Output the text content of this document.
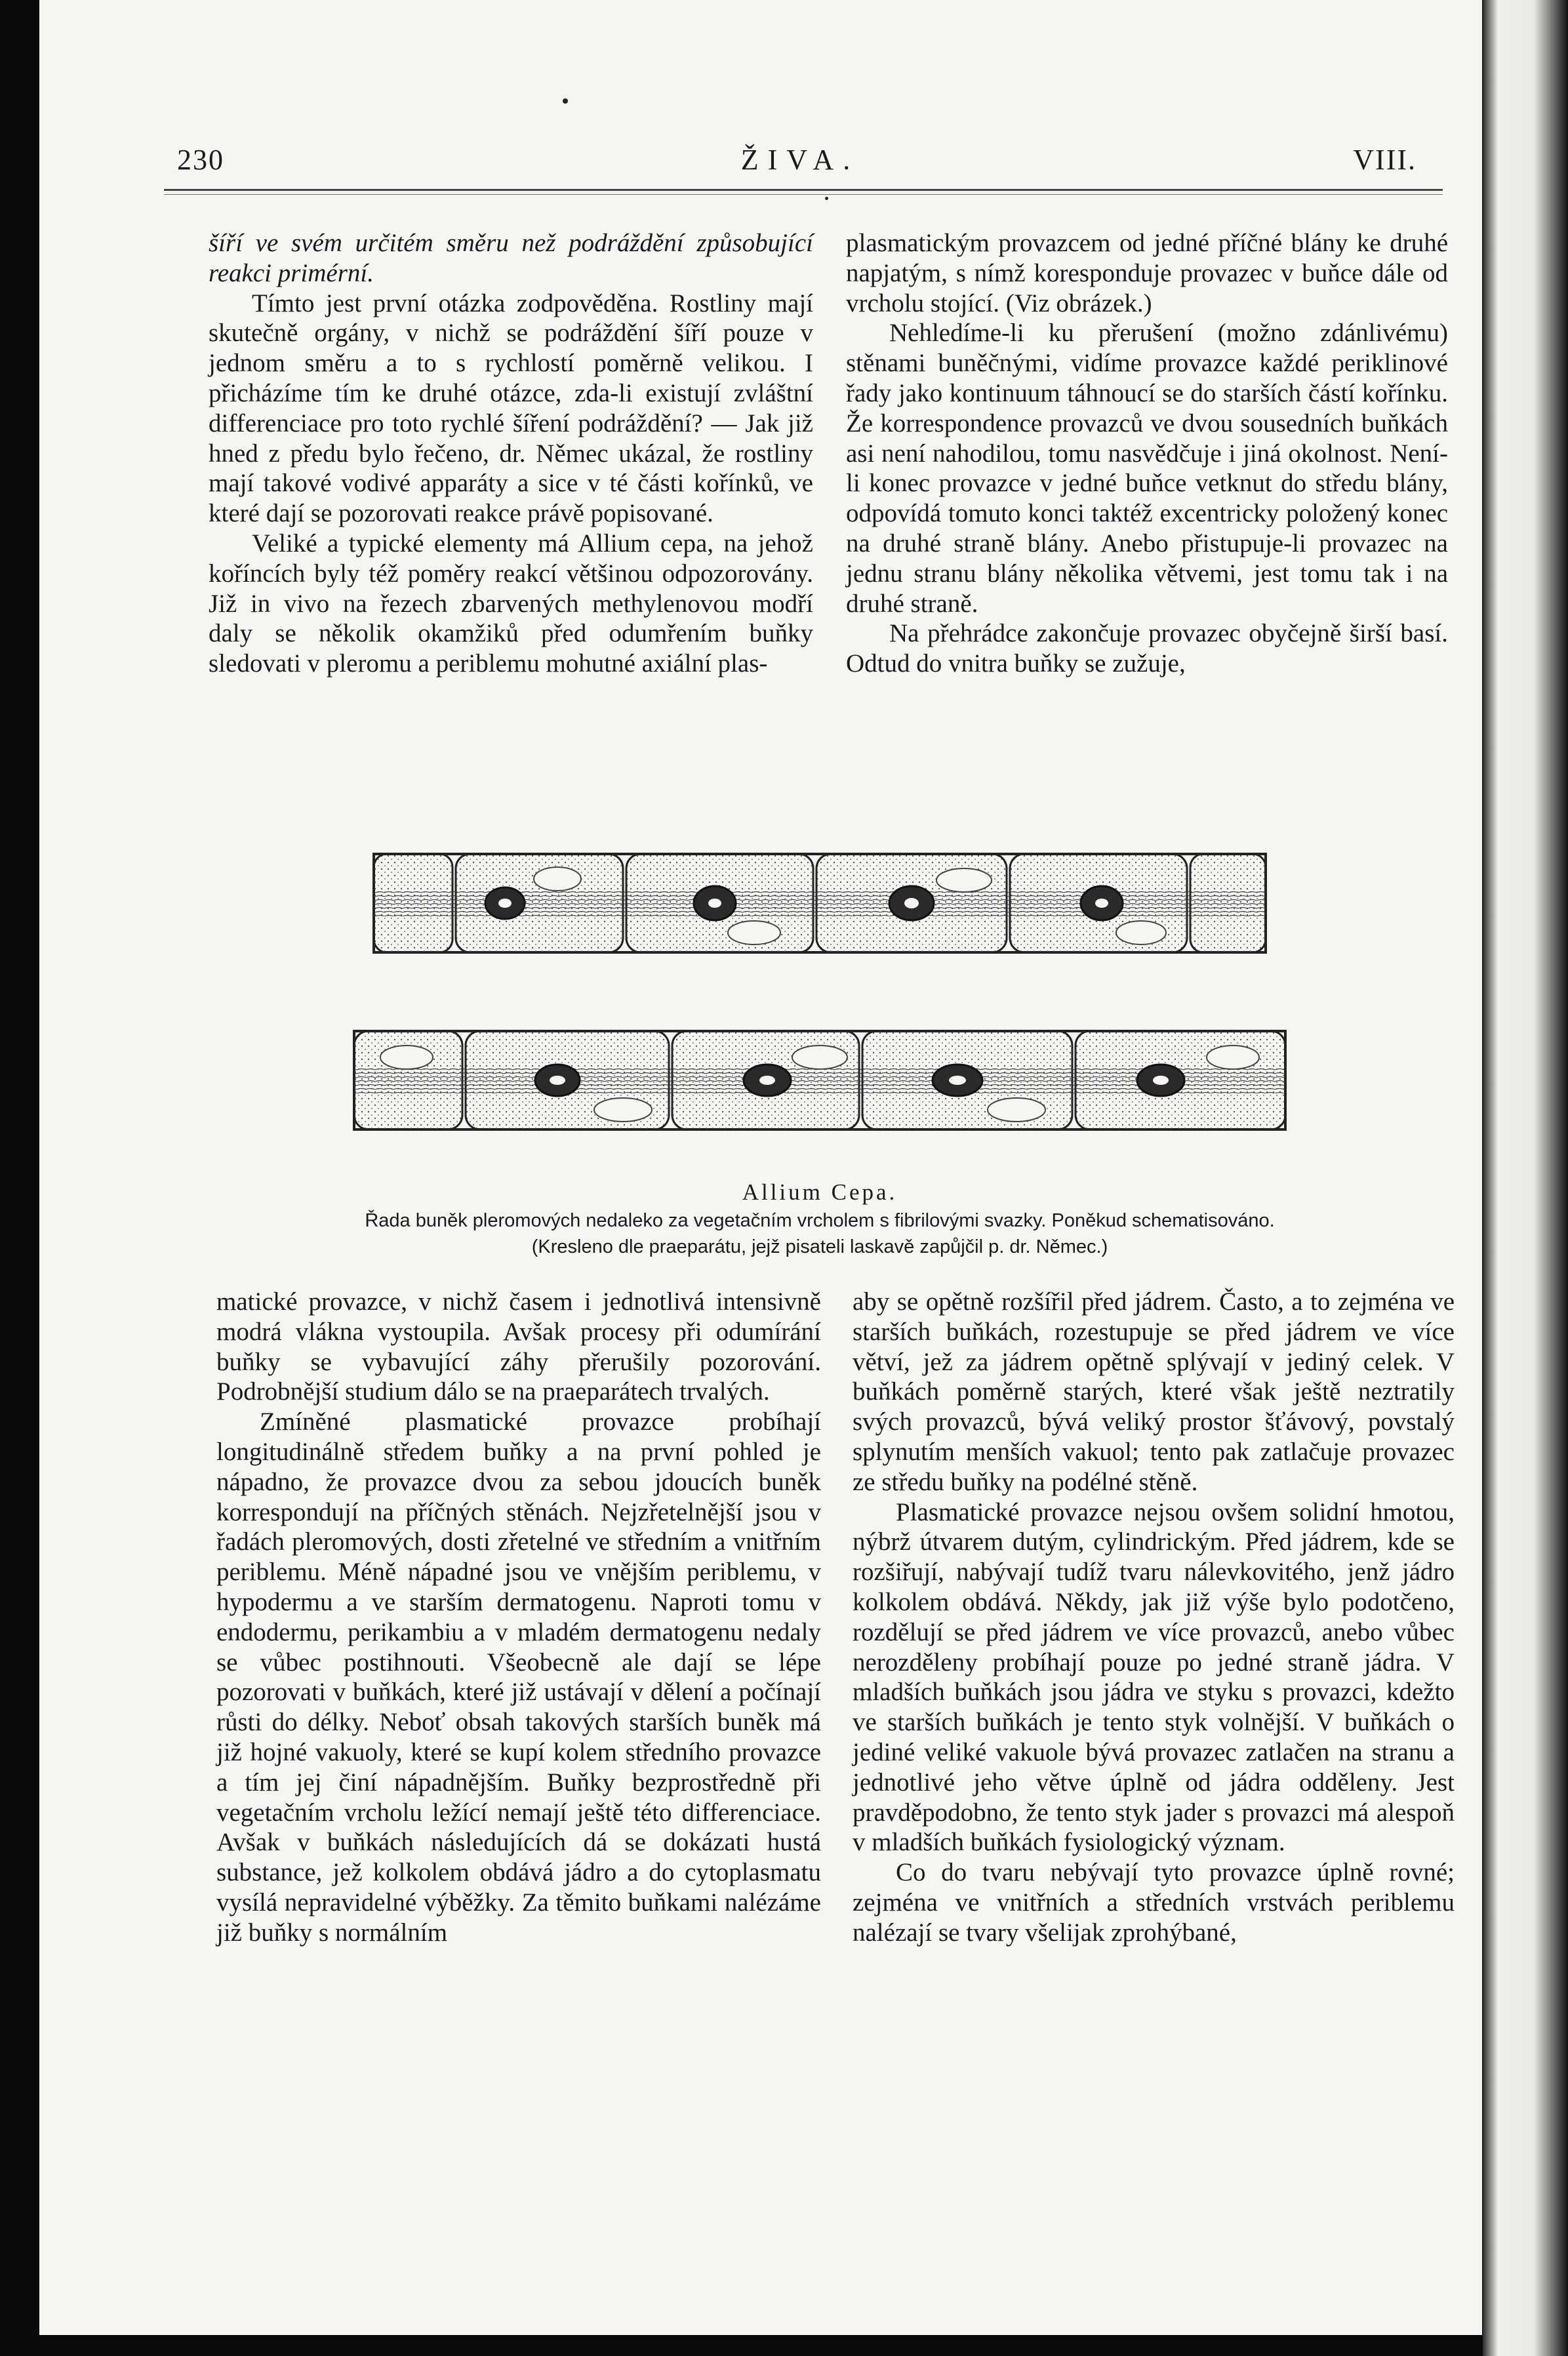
230	ŽIVA.	VIII.

šíří ve svém určitém směru než podráždění způsobující reakci primérní.

Tímto jest první otázka zodpověděna. Rostliny mají skutečně orgány, v nichž se podráždění šíří pouze v jednom směru a to s rychlostí poměrně velikou. I přicházíme tím ke druhé otázce, zda-li existují zvláštní differenciace pro toto rychlé šíření podráždění? — Jak již hned z předu bylo řečeno, dr. Němec ukázal, že rostliny mají takové vodivé apparáty a sice v té části kořínků, ve které dají se pozorovati reakce právě popisované.

Veliké a typické elementy má Allium cepa, na jehož koříncích byly též poměry reakcí většinou odpozorovány. Již in vivo na řezech zbarvených methylenovou modří daly se několik okamžiků před odumřením buňky sledovati v pleromu a periblemu mohutné axiální plas-

plasmatickým provazcem od jedné příčné blány ke druhé napjatým, s nímž koresponduje provazec v buňce dále od vrcholu stojící. (Viz obrázek.)

Nehledíme-li ku přerušení (možno zdánlivému) stěnami buněčnými, vidíme provazce každé periklinové řady jako kontinuum táhnoucí se do starších částí kořínku. Že korrespondence provazců ve dvou sousedních buňkách asi není nahodilou, tomu nasvědčuje i jiná okolnost. Není-li konec provazce v jedné buňce vetknut do středu blány, odpovídá tomuto konci taktéž excentricky položený konec na druhé straně blány. Anebo přistupuje-li provazec na jednu stranu blány několika větvemi, jest tomu tak i na druhé straně.

Na přehrádce zakončuje provazec obyčejně širší basí. Odtud do vnitra buňky se zužuje,

Allium Cepa.
Řada buněk pleromových nedaleko za vegetačním vrcholem s fibrilovými svazky. Poněkud schematisováno.
(Kresleno dle praeparátu, jejž pisateli laskavě zapůjčil p. dr. Němec.)

matické provazce, v nichž časem i jednotlivá intensivně modrá vlákna vystoupila. Avšak procesy při odumírání buňky se vybavující záhy přerušily pozorování. Podrobnější studium dálo se na praeparátech trvalých.

Zmíněné plasmatické provazce probíhají longitudinálně středem buňky a na první pohled je nápadno, že provazce dvou za sebou jdoucích buněk korrespondují na příčných stěnách. Nejzřetelnější jsou v řadách pleromových, dosti zřetelné ve středním a vnitřním periblemu. Méně nápadné jsou ve vnějším periblemu, v hypodermu a ve starším dermatogenu. Naproti tomu v endodermu, perikambiu a v mladém dermatogenu nedaly se vůbec postihnouti. Všeobecně ale dají se lépe pozorovati v buňkách, které již ustávají v dělení a počínají růsti do délky. Neboť obsah takových starších buněk má již hojné vakuoly, které se kupí kolem středního provazce a tím jej činí nápadnějším. Buňky bezprostředně při vegetačním vrcholu ležící nemají ještě této differenciace. Avšak v buňkách následujících dá se dokázati hustá substance, jež kolkolem obdává jádro a do cytoplasmatu vysílá nepravidelné výběžky. Za těmito buňkami nalézáme již buňky s normálním

aby se opětně rozšířil před jádrem. Často, a to zejména ve starších buňkách, rozestupuje se před jádrem ve více větví, jež za jádrem opětně splývají v jediný celek. V buňkách poměrně starých, které však ještě neztratily svých provazců, bývá veliký prostor šťávový, povstalý splynutím menších vakuol; tento pak zatlačuje provazec ze středu buňky na podélné stěně.

Plasmatické provazce nejsou ovšem solidní hmotou, nýbrž útvarem dutým, cylindrickým. Před jádrem, kde se rozšiřují, nabývají tudíž tvaru nálevkovitého, jenž jádro kolkolem obdává. Někdy, jak již výše bylo podotčeno, rozdělují se před jádrem ve více provazců, anebo vůbec nerozděleny probíhají pouze po jedné straně jádra. V mladších buňkách jsou jádra ve styku s provazci, kdežto ve starších buňkách je tento styk volnější. V buňkách o jediné veliké vakuole bývá provazec zatlačen na stranu a jednotlivé jeho větve úplně od jádra odděleny. Jest pravděpodobno, že tento styk jader s provazci má alespoň v mladších buňkách fysiologický význam.

Co do tvaru nebývají tyto provazce úplně rovné; zejména ve vnitřních a středních vrstvách periblemu nalézají se tvary všelijak zprohýbané,
